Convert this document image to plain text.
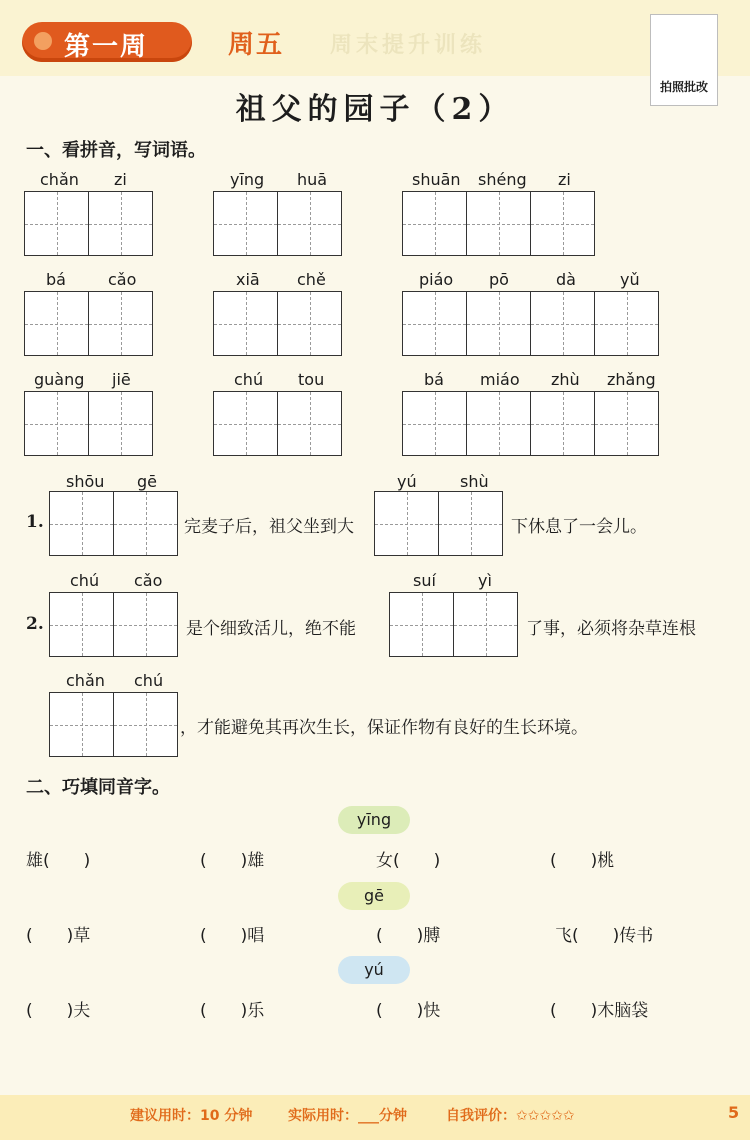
第一周	周五 周末提升训练
拍照批改
祖父的园子（2）
一、看拼音，写词语。
chǎn zi	yīng huā	shuān shéng zi
bá	cǎo	xiā chě	piáo pō	dà	yǔ
guàng jiē	chú tou	bá miáo zhù zhǎng
shōu gē
1.	完麦子后，祖父坐到大
yú	shù
下休息了一会儿。
chú cǎo
2.	是个细致活儿，绝不能
suí	yì
了事，必须将杂草连根
chǎn chú
，才能避免其再次生长，保证作物有良好的生长环境。
二、巧填同音字。
yīng
雄(　　)	(　　)雄	女(　　)	(　　)桃
gē
(　　)草	(　　)唱	(　　)膊	飞(　　)传书
yú
(　　)夫	(　　)乐	(　　)快	(　　)木脑袋
建议用时：10 分钟	实际用时：___分钟	自我评价：✩✩✩✩✩	5
